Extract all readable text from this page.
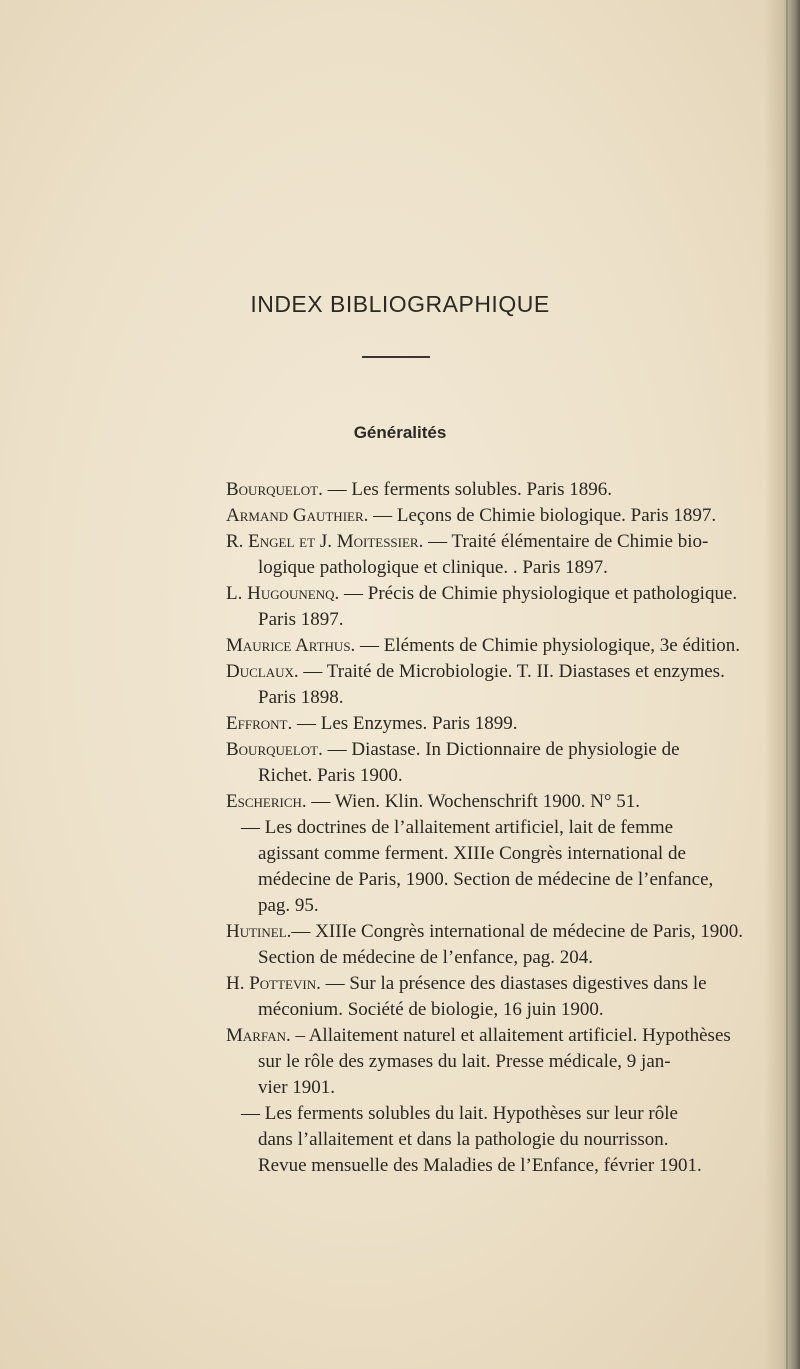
INDEX BIBLIOGRAPHIQUE
Généralités
Bourquelot. — Les ferments solubles. Paris 1896.
Armand Gauthier. — Leçons de Chimie biologique. Paris 1897.
R. Engel et J. Moitessier. — Traité élémentaire de Chimie bio-
logique pathologique et clinique. . Paris 1897.
L. Hugounenq. — Précis de Chimie physiologique et pathologique.
Paris 1897.
Maurice Arthus. — Eléments de Chimie physiologique, 3e édition.
Duclaux. — Traité de Microbiologie. T. II. Diastases et enzymes.
Paris 1898.
Effront. — Les Enzymes. Paris 1899.
Bourquelot. — Diastase. In Dictionnaire de physiologie de
Richet. Paris 1900.
Escherich. — Wien. Klin. Wochenschrift 1900. N° 51.
— Les doctrines de l’allaitement artificiel, lait de femme
agissant comme ferment. XIIIe Congrès international de
médecine de Paris, 1900. Section de médecine de l’enfance,
pag. 95.
Hutinel.— XIIIe Congrès international de médecine de Paris, 1900.
Section de médecine de l’enfance, pag. 204.
H. Pottevin. — Sur la présence des diastases digestives dans le
méconium. Société de biologie, 16 juin 1900.
Marfan. – Allaitement naturel et allaitement artificiel. Hypothèses
sur le rôle des zymases du lait. Presse médicale, 9 jan-
vier 1901.
— Les ferments solubles du lait. Hypothèses sur leur rôle
dans l’allaitement et dans la pathologie du nourrisson.
Revue mensuelle des Maladies de l’Enfance, février 1901.
